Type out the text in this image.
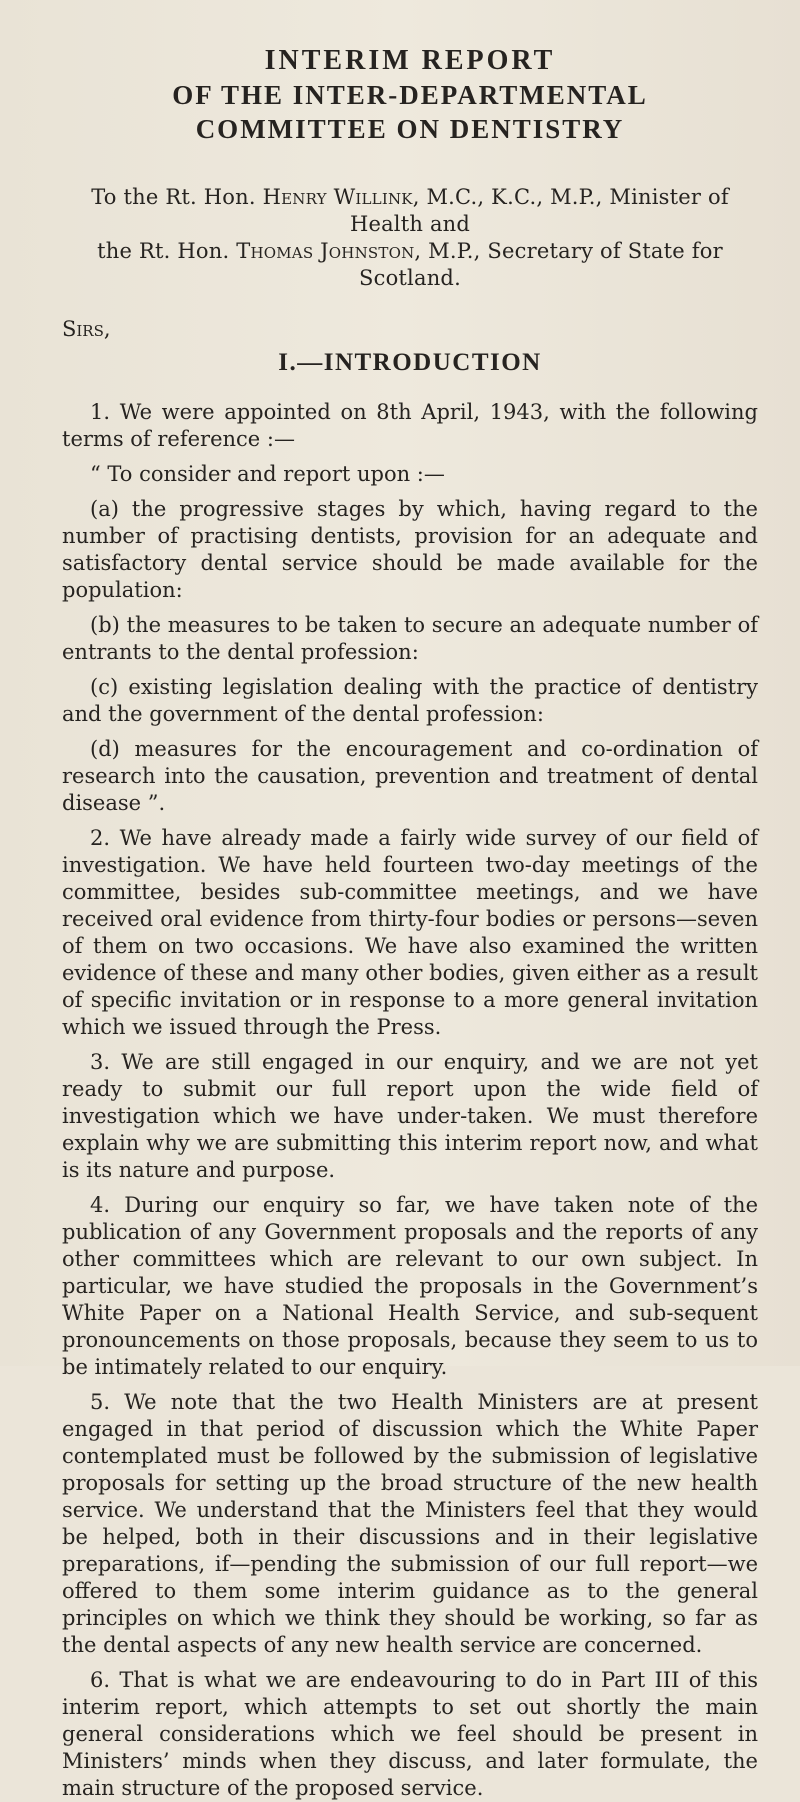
INTERIM REPORT
OF THE INTER-DEPARTMENTAL
COMMITTEE ON DENTISTRY
To the Rt. Hon. Henry Willink, M.C., K.C., M.P., Minister of Health and
the Rt. Hon. Thomas Johnston, M.P., Secretary of State for Scotland.
Sirs,
I.—INTRODUCTION

1. We were appointed on 8th April, 1943, with the following terms of reference :—

“ To consider and report upon :—

(a) the progressive stages by which, having regard to the number of practising dentists, provision for an adequate and satisfactory dental service should be made available for the population:

(b) the measures to be taken to secure an adequate number of entrants to the dental profession:

(c) existing legislation dealing with the practice of dentistry and the government of the dental profession:

(d) measures for the encouragement and co-ordination of research into the causation, prevention and treatment of dental disease ”.

2. We have already made a fairly wide survey of our field of investigation. We have held fourteen two-day meetings of the committee, besides sub-committee meetings, and we have received oral evidence from thirty-four bodies or persons—seven of them on two occasions. We have also examined the written evidence of these and many other bodies, given either as a result of specific invitation or in response to a more general invitation which we issued through the Press.

3. We are still engaged in our enquiry, and we are not yet ready to submit our full report upon the wide field of investigation which we have under-taken. We must therefore explain why we are submitting this interim report now, and what is its nature and purpose.

4. During our enquiry so far, we have taken note of the publication of any Government proposals and the reports of any other committees which are relevant to our own subject. In particular, we have studied the proposals in the Government’s White Paper on a National Health Service, and sub-sequent pronouncements on those proposals, because they seem to us to be intimately related to our enquiry.

5. We note that the two Health Ministers are at present engaged in that period of discussion which the White Paper contemplated must be followed by the submission of legislative proposals for setting up the broad structure of the new health service. We understand that the Ministers feel that they would be helped, both in their discussions and in their legislative preparations, if—pending the submission of our full report—we offered to them some interim guidance as to the general principles on which we think they should be working, so far as the dental aspects of any new health service are concerned.

6. That is what we are endeavouring to do in Part III of this interim report, which attempts to set out shortly the main general considerations which we feel should be present in Ministers’ minds when they discuss, and later formulate, the main structure of the proposed service.
